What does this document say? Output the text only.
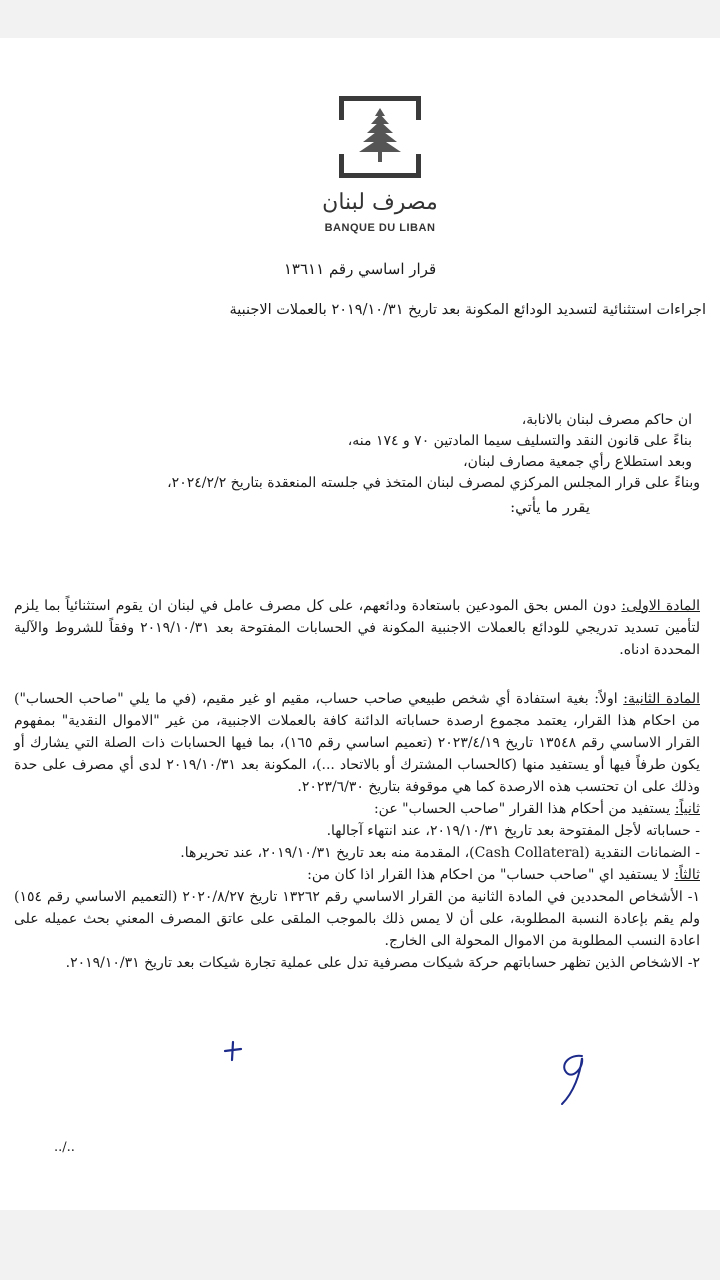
مصرف لبنان
BANQUE DU LIBAN
قرار اساسي رقم ١٣٦١١
اجراءات استثنائية لتسديد الودائع المكونة بعد تاريخ ٢٠١٩/١٠/٣١ بالعملات الاجنبية
ان حاكم مصرف لبنان بالانابة،
بناءً على قانون النقد والتسليف سيما المادتين ٧٠ و ١٧٤ منه،
وبعد استطلاع رأي جمعية مصارف لبنان،
وبناءً على قرار المجلس المركزي لمصرف لبنان المتخذ في جلسته المنعقدة بتاريخ ٢٠٢٤/٢/٢،
يقرر ما يأتي:
المادة الاولى: دون المس بحق المودعين باستعادة ودائعهم، على كل مصرف عامل في لبنان ان يقوم استثنائياً بما يلزم لتأمين تسديد تدريجي للودائع بالعملات الاجنبية المكونة في الحسابات المفتوحة بعد ٢٠١٩/١٠/٣١ وفقاً للشروط والآلية المحددة ادناه.
المادة الثانية: اولاً: بغية استفادة أي شخص طبيعي صاحب حساب، مقيم او غير مقيم، (في ما يلي "صاحب الحساب") من احكام هذا القرار، يعتمد مجموع ارصدة حساباته الدائنة كافة بالعملات الاجنبية، من غير "الاموال النقدية" بمفهوم القرار الاساسي رقم ١٣٥٤٨ تاريخ ٢٠٢٣/٤/١٩ (تعميم اساسي رقم ١٦٥)، بما فيها الحسابات ذات الصلة التي يشارك أو يكون طرفاً فيها أو يستفيد منها (كالحساب المشترك أو بالاتحاد ...)، المكونة بعد ٢٠١٩/١٠/٣١ لدى أي مصرف على حدة وذلك على ان تحتسب هذه الارصدة كما هي موقوفة بتاريخ ٢٠٢٣/٦/٣٠.
ثانياً: يستفيد من أحكام هذا القرار "صاحب الحساب" عن:
- حساباته لأجل المفتوحة بعد تاريخ ٢٠١٩/١٠/٣١، عند انتهاء آجالها.
- الضمانات النقدية (Cash Collateral)، المقدمة منه بعد تاريخ ٢٠١٩/١٠/٣١، عند تحريرها.
ثالثاً: لا يستفيد اي "صاحب حساب" من احكام هذا القرار اذا كان من:
١- الأشخاص المحددين في المادة الثانية من القرار الاساسي رقم ١٣٢٦٢ تاريخ ٢٠٢٠/٨/٢٧ (التعميم الاساسي رقم ١٥٤) ولم يقم بإعادة النسبة المطلوبة، على أن لا يمس ذلك بالموجب الملقى على عاتق المصرف المعني بحث عميله على اعادة النسب المطلوبة من الاموال المحولة الى الخارج.
٢- الاشخاص الذين تظهر حساباتهم حركة شيكات مصرفية تدل على عملية تجارة شيكات بعد تاريخ ٢٠١٩/١٠/٣١.
../..
